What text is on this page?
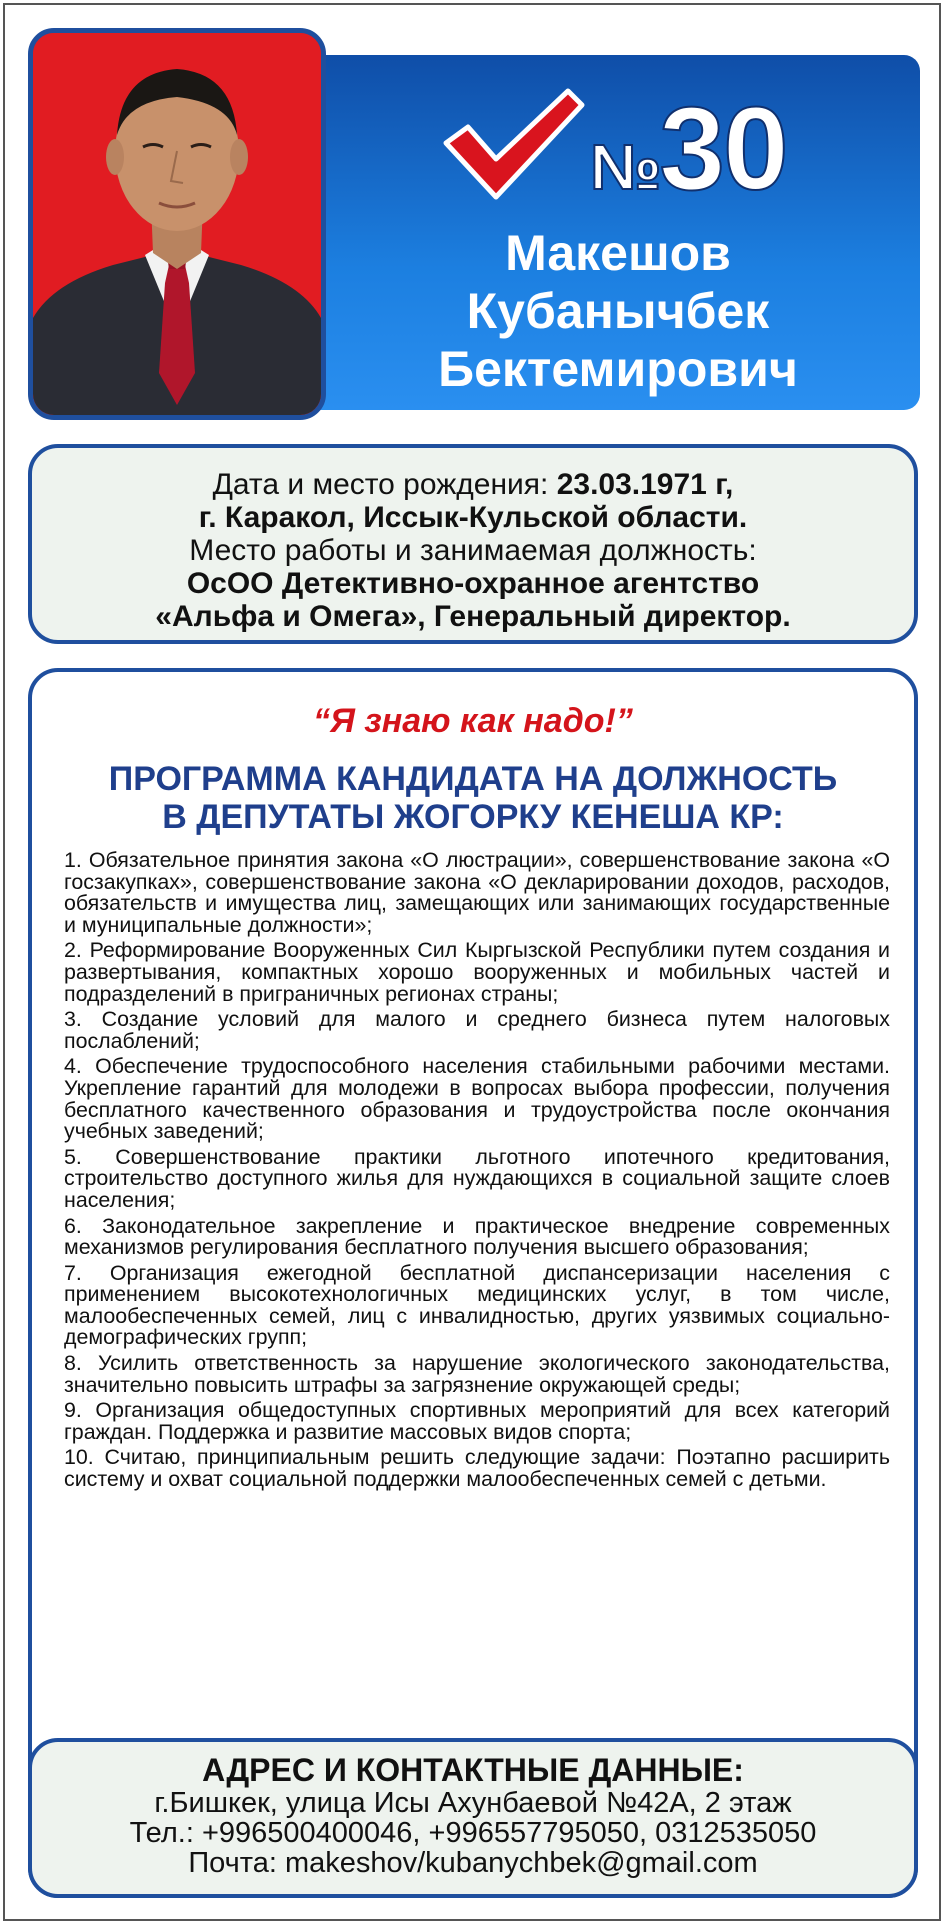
№30
Макешов
Кубанычбек
Бектемирович
Дата и место рождения: 23.03.1971 г,
г. Каракол, Иссык-Кульской области.
Место работы и занимаемая должность:
ОсОО Детективно-охранное агентство
«Альфа и Омега», Генеральный директор.
“Я знаю как надо!”
ПРОГРАММА КАНДИДАТА НА ДОЛЖНОСТЬ
В ДЕПУТАТЫ ЖОГОРКУ КЕНЕША КР:

1. Обязательное принятия закона «О люстрации», совершенствование закона «О госзакупках», совершенствование закона «О декларировании доходов, расходов, обязательств и имущества лиц, замещающих или занимающих государственные и муниципальные должности»;

2. Реформирование Вооруженных Сил Кыргызской Республики путем создания и развертывания, компактных хорошо вооруженных и мобильных частей и подразделений в приграничных регионах страны;

3. Создание условий для малого и среднего бизнеса путем налоговых послаблений;

4. Обеспечение трудоспособного населения стабильными рабочими местами. Укрепление гарантий для молодежи в вопросах выбора профессии, получения бесплатного качественного образования и трудоустройства после окончания учебных заведений;

5. Совершенствование практики льготного ипотечного кредитования, строительство доступного жилья для нуждающихся в социальной защите слоев населения;

6. Законодательное закрепление и практическое внедрение современных механизмов регулирования бесплатного получения высшего образования;

7. Организация ежегодной бесплатной диспансеризации населения с применением высокотехнологичных медицинских услуг, в том числе, малообеспеченных семей, лиц с инвалидностью, других уязвимых социально-демографических групп;

8. Усилить ответственность за нарушение экологического законодательства, значительно повысить штрафы за загрязнение окружающей среды;

9. Организация общедоступных спортивных мероприятий для всех категорий граждан. Поддержка и развитие массовых видов спорта;

10. Считаю, принципиальным решить следующие задачи: Поэтапно расширить систему и охват социальной поддержки малообеспеченных семей с детьми.

АДРЕС И КОНТАКТНЫЕ ДАННЫЕ:
г.Бишкек, улица Исы Ахунбаевой №42А, 2 этаж
Тел.: +996500400046, +996557795050, 0312535050
Почта: makeshov/kubanychbek@gmail.com
